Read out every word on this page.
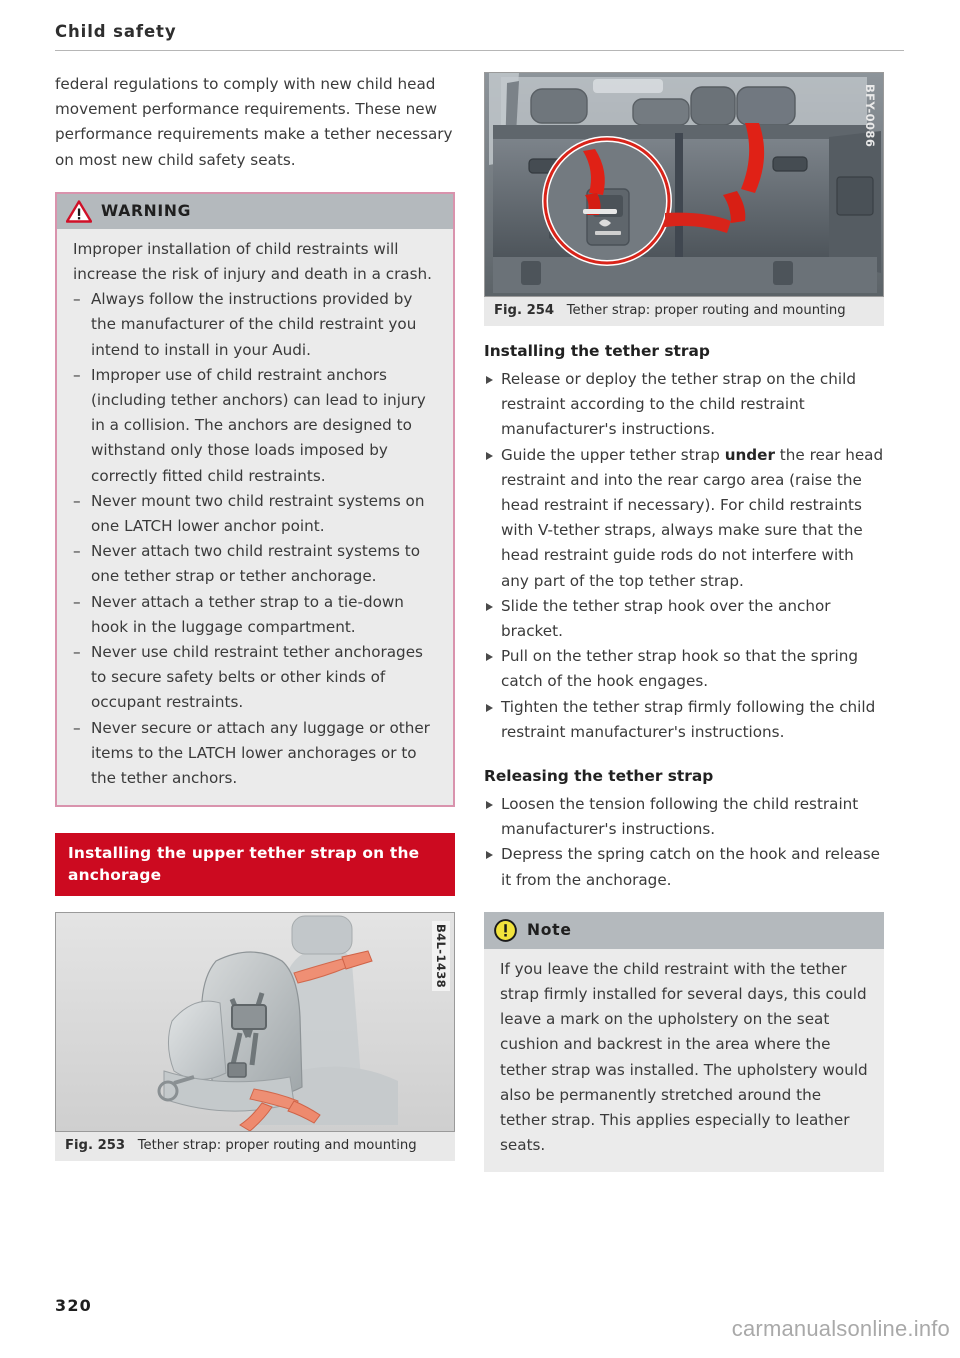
Child safety

federal regulations to comply with new child head movement performance requirements. These new performance requirements make a tether necessary on most new child safety seats.

WARNING

Improper installation of child restraints will increase the risk of injury and death in a crash.

– Always follow the instructions provided by the manufacturer of the child restraint you intend to install in your Audi.
– Improper use of child restraint anchors (including tether anchors) can lead to injury in a collision. The anchors are designed to withstand only those loads imposed by correctly fitted child restraints.
– Never mount two child restraint systems on one LATCH lower anchor point.
– Never attach two child restraint systems to one tether strap or tether anchorage.
– Never attach a tether strap to a tie-down hook in the luggage compartment.
– Never use child restraint tether anchorages to secure safety belts or other kinds of occupant restraints.
– Never secure or attach any luggage or other items to the LATCH lower anchorages or to the tether anchors.
Installing the upper tether strap on the anchorage
B4L-1438
Fig. 253 Tether strap: proper routing and mounting
BFY-0086
Fig. 254 Tether strap: proper routing and mounting
Installing the tether strap
Release or deploy the tether strap on the child restraint according to the child restraint manufacturer's instructions.
Guide the upper tether strap under the rear head restraint and into the rear cargo area (raise the head restraint if necessary). For child restraints with V-tether straps, always make sure that the head restraint guide rods do not interfere with any part of the top tether strap.
Slide the tether strap hook over the anchor bracket.
Pull on the tether strap hook so that the spring catch of the hook engages.
Tighten the tether strap firmly following the child restraint manufacturer's instructions.
Releasing the tether strap
Loosen the tension following the child restraint manufacturer's instructions.
Depress the spring catch on the hook and release it from the anchorage.
Note

If you leave the child restraint with the tether strap firmly installed for several days, this could leave a mark on the upholstery on the seat cushion and backrest in the area where the tether strap was installed. The upholstery would also be permanently stretched around the tether strap. This applies especially to leather seats.

320
carmanualsonline.info
